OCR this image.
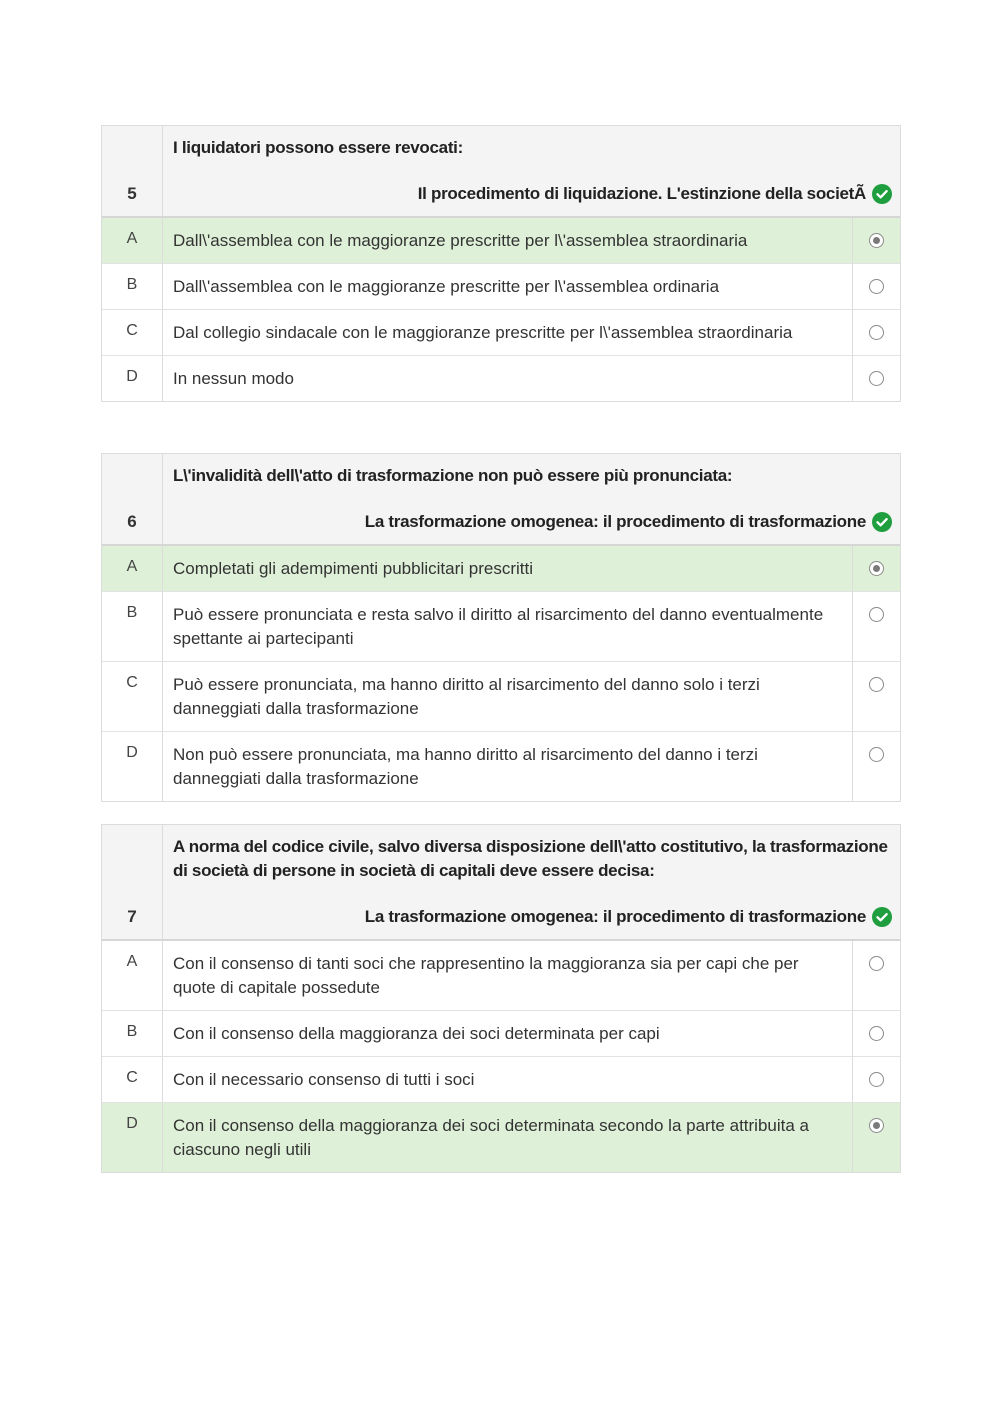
5
I liquidatori possono essere revocati:
Il procedimento di liquidazione. L'estinzione della societÃ
A	Dall\'assemblea con le maggioranze prescritte per l\'assemblea straordinaria
B	Dall\'assemblea con le maggioranze prescritte per l\'assemblea ordinaria
C	Dal collegio sindacale con le maggioranze prescritte per l\'assemblea straordinaria
D	In nessun modo
6
L\'invalidità dell\'atto di trasformazione non può essere più pronunciata:
La trasformazione omogenea: il procedimento di trasformazione
A	Completati gli adempimenti pubblicitari prescritti
B	Può essere pronunciata e resta salvo il diritto al risarcimento del danno eventualmente spettante ai partecipanti
C	Può essere pronunciata, ma hanno diritto al risarcimento del danno solo i terzi danneggiati dalla trasformazione
D	Non può essere pronunciata, ma hanno diritto al risarcimento del danno i terzi danneggiati dalla trasformazione
7
A norma del codice civile, salvo diversa disposizione dell\'atto costitutivo, la trasformazione di società di persone in società di capitali deve essere decisa:
La trasformazione omogenea: il procedimento di trasformazione
A	Con il consenso di tanti soci che rappresentino la maggioranza sia per capi che per quote di capitale possedute
B	Con il consenso della maggioranza dei soci determinata per capi
C	Con il necessario consenso di tutti i soci
D	Con il consenso della maggioranza dei soci determinata secondo la parte attribuita a ciascuno negli utili
